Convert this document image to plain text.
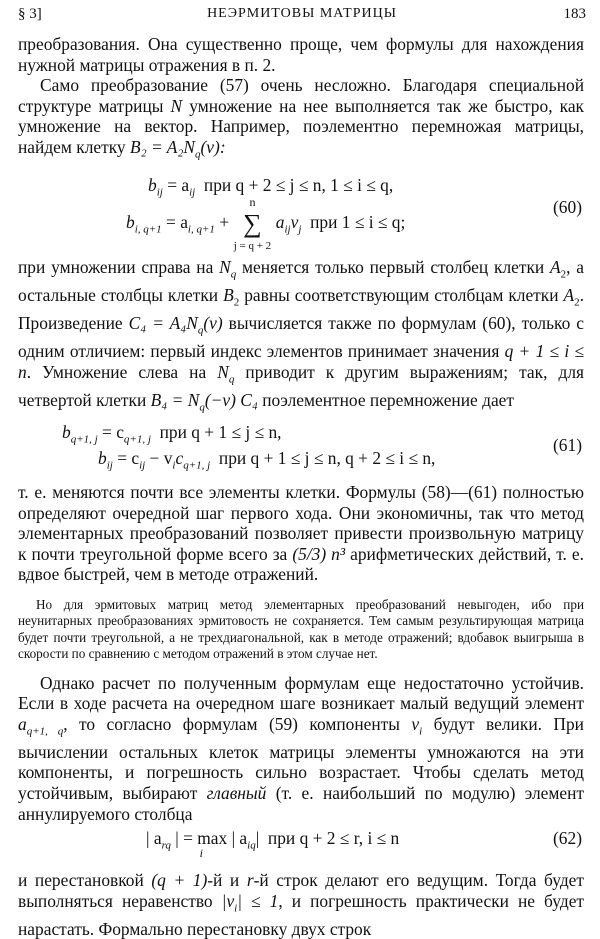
§ 3]	НЕЭРМИТОВЫ МАТРИЦЫ	183

преобразования. Она существенно проще, чем формулы для нахождения нужной матрицы отражения в п. 2.

Само преобразование (57) очень несложно. Благодаря специальной структуре матрицы N умножение на нее выполняется так же быстро, как умножение на вектор. Например, поэлементно перемножая матрицы, найдем клетку $B_2 = A_2N_q(v)$:

$b_{ij} = a_{ij}$ при q + 2 ≤ j ≤ n, 1 ≤ i ≤ q,
$b_{i, q+1} = a_{i, q+1}$ +
n
∑
j = q + 2
$a_{ij}v_j$ при 1 ≤ i ≤ q;
(60)

при умножении справа на $N_q$ меняется только первый столбец клетки $A_2$, а остальные столбцы клетки $B_2$ равны соответствующим столбцам клетки $A_2$. Произведение $C_4 = A_4N_q(v)$ вычисляется также по формулам (60), только с одним отличием: первый индекс элементов принимает значения q + 1 ≤ i ≤ n. Умножение слева на $N_q$ приводит к другим выражениям; так, для четвертой клетки $B_4 = N_q(-v)$ C₄ поэлементное перемножение дает

$b_{q+1, j} = c_{q+1, j}$ при q + 1 ≤ j ≤ n,
$b_{ij} = c_{ij} - v_ic_{q+1, j}$ при q + 1 ≤ j ≤ n, q + 2 ≤ i ≤ n,
(61)

т. е. меняются почти все элементы клетки. Формулы (58)—(61) полностью определяют очередной шаг первого хода. Они экономичны, так что метод элементарных преобразований позволяет привести произвольную матрицу к почти треугольной форме всего за (5/3) n³ арифметических действий, т. е. вдвое быстрей, чем в методе отражений.

Но для эрмитовых матриц метод элементарных преобразований невыгоден, ибо при неунитарных преобразованиях эрмитовость не сохраняется. Тем самым результирующая матрица будет почти треугольной, а не трехдиагональной, как в методе отражений; вдобавок выигрыша в скорости по сравнению с методом отражений в этом случае нет.

Однако расчет по полученным формулам еще недостаточно устойчив. Если в ходе расчета на очередном шаге возникает малый ведущий элемент $a_{q+1, q}$, то согласно формулам (59) компоненты $v_i$ будут велики. При вычислении остальных клеток матрицы элементы умножаются на эти компоненты, и погрешность сильно возрастает. Чтобы сделать метод устойчивым, выбирают главный (т. е. наибольший по модулю) элемент аннулируемого столбца

| $a_{rq}$ | = max
i
| $a_{iq}|$ при q + 2 ≤ r, i ≤ n	(62)

и перестановкой (q + 1)-й и r-й строк делают его ведущим. Тогда будет выполняться неравенство $|v_i| \le 1$, и погрешность практически не будет нарастать. Формально перестановку двух строк
